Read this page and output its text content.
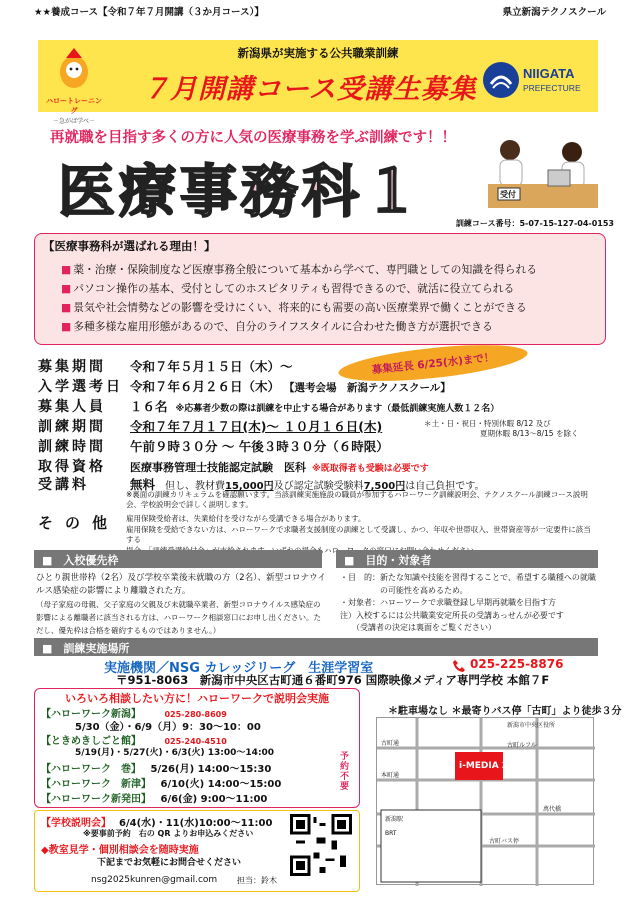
★★養成コース【令和７年７月開講（３か月コース）】	県立新潟テクノスクール
ハロートレーニング
－急がば学べ－
新潟県が実施する公共職業訓練
７月開講コース受講生募集
NIIGATA
PREFECTURE
再就職を目指す多くの方に人気の医療事務を学ぶ訓練です！！
医療事務科１	受付
訓練コース番号：5-07-15-127-04-0153
【医療事務科が選ばれる理由！】
■ 薬・治療・保険制度など医療事務全般について基本から学べて、専門職としての知識を得られる
■ パソコン操作の基本、受付としてのホスピタリティも習得できるので、就活に役立てられる
■ 景気や社会情勢などの影響を受けにくい、将来的にも需要の高い医療業界で働くことができる
■ 多種多様な雇用形態があるので、自分のライフスタイルに合わせた働き方が選択できる
募集期間	令和７年５月１５日（木）～	募集延長 6/25(水)まで！
入学選考日 令和７年６月２６日（木） 【選考会場　新潟テクノスクール】
募集人員	１６名 ※応募者少数の際は訓練を中止する場合があります（最低訓練実施人数１２名）
訓練期間	令和７年７月１７日(木)～ １０月１６日(木)	＊土・日・祝日・特別休暇 8/12 及び
夏期休暇 8/13～8/15 を除く
訓練時間	午前９時３０分 ～ 午後３時３０分（６時限）
取得資格	医療事務管理士技能認定試験　医科 ※既取得者も受験は必要です
受講料	無料 但し、教材費 15,000円 及び認定試験受験料 7,500円 は自己負担です。
※裏面の訓練カリキュラムを確認願います。当該訓練実施施設の職員が参加するハローワーク訓練説明会、テクノスクール訓練コース説明会、学校説明会で詳しく説明します。
その他 雇用保険受給者は、失業給付を受けながら受講できる場合があります。
雇用保険を受給できない方は、ハローワークで求職者支援制度の訓練として受講し、かつ、年収や世帯収入、世帯資産等が一定要件に該当する
■　入校優先枠
ひとり親世帯枠（2名）及び学校卒業後未就職の方（2名）、新型コロナウイルス感染症の影響により離職された方。
（母子家庭の母親、父子家庭の父親及び未就職卒業者、新型コロナウイルス感染症の
影響による離職者に該当される方は、ハローワーク相談窓口にお申し出ください。ただし、優先枠は合格を確約するものではありません。）
■　目的・対象者
・目　的：新たな知識や技能を習得することで、希望する職種への就職
　　　　　の可能性を高めるため。
・対象者：ハローワークで求職登録し早期再就職を目指す方
注）入校するには公共職業安定所長の受講あっせんが必要です
　　（受講者の決定は裏面をご覧ください）
■　訓練実施場所
実施機関／NSG カレッジリーグ　生涯学習室	025-225-8876
〒951-8063　新潟市中央区古町通６番町976 国際映像メディア専門学校 本館７F
＊駐車場なし ＊最寄りバス停「古町」より徒歩３分
いろいろ相談したい方に！ハローワークで説明会実施
【ハローワーク新潟】	025-280-8609
5/30（金）・6/9（月）9：30～10：00
【ときめきしごと館】	025-240-4510
5/19(月)・5/27(火)・6/3(火) 13:00～14:00
【ハローワーク　巻】 5/26(月) 14:00～15:30
【ハローワーク　新津】 6/10(火) 14:00～15:00
【ハローワーク新発田】 6/6(金) 9:00～11:00
予約不要
【学校説明会】 6/4(水)・11(水)10:00～11:00
※要事前予約　右の QR よりお申込みください
◆教室見学・個別相談会を随時実施
下記までお気軽にお問合せください
nsg2025kunren@gmail.com 担当：鈴木
i-MEDIA 本館
古町通
新潟市中央区役所
古町ルフル
本町通
萬代橋
古町バス停
新潟駅
BRT
